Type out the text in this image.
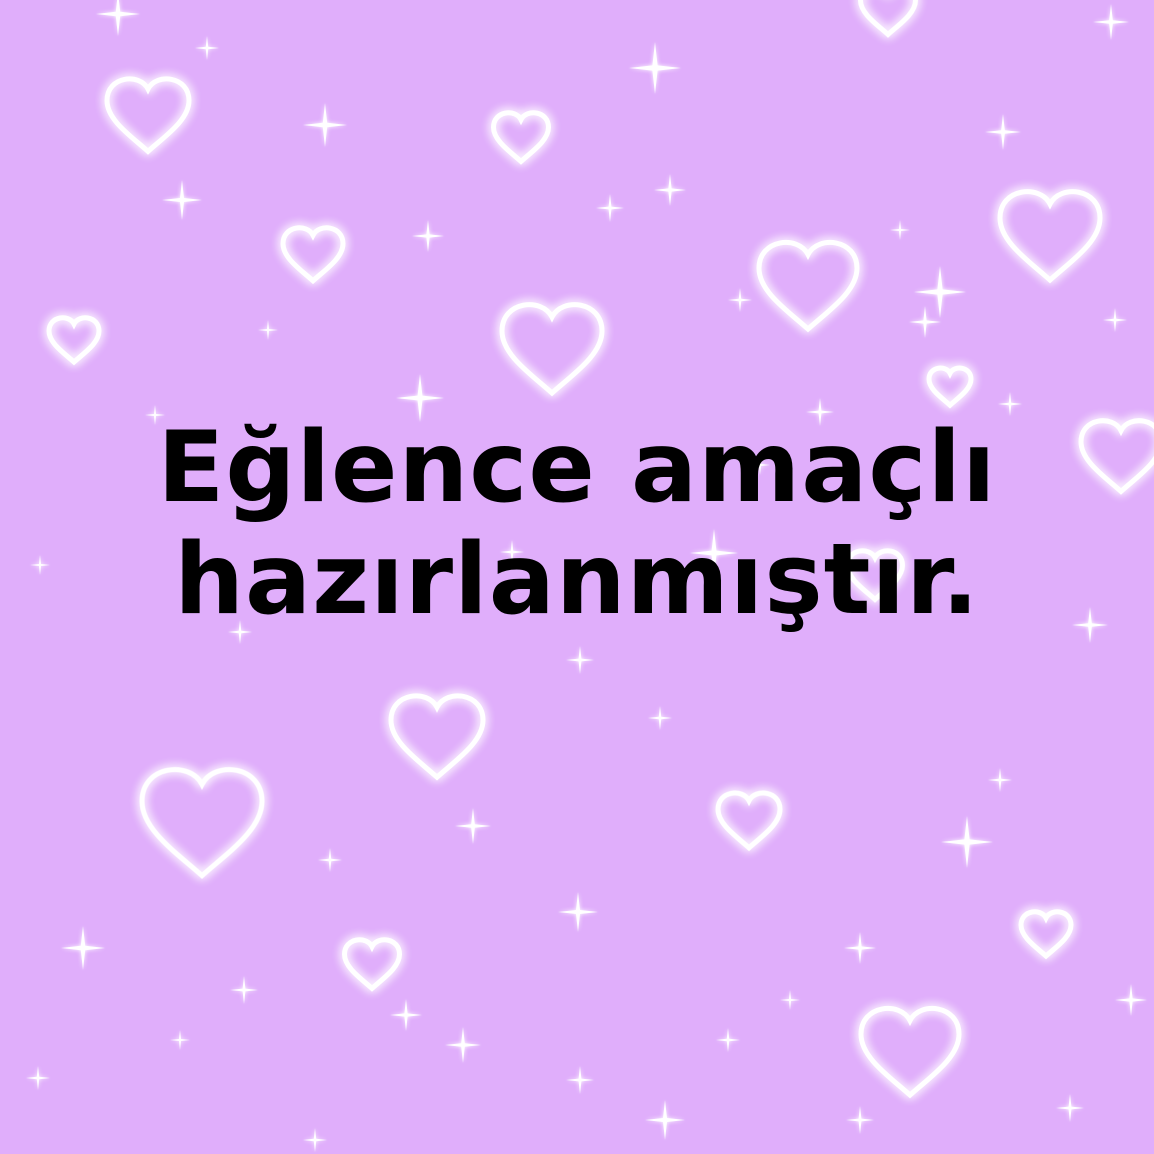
Eğlence amaçlı
hazırlanmıştır.
